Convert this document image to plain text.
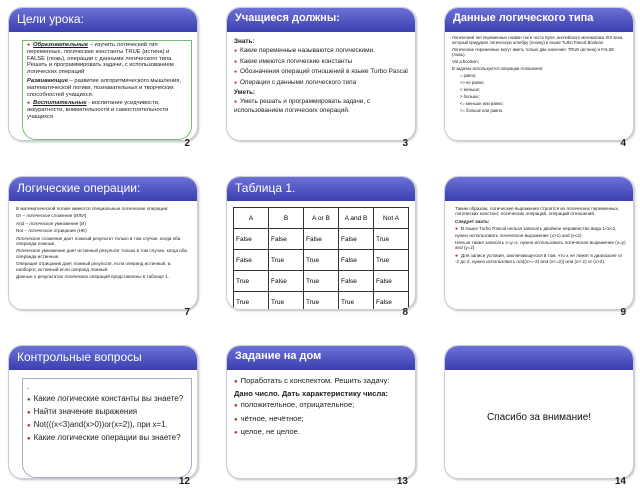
Цели урока:
● Образовательные – изучить логический тип переменных, логические константы TRUE (истина) и FALSE (ложь), операции с данными логического типа. Решать и программировать задачи, с использованием логических операций
Развивающие – развитие алгоритмического мышления, математической логики, познавательных и творческих способностей учащихся.
● Воспитательные - воспитание усидчивости, аккуратности, внимательности и самостоятельности учащихся.
2
Учащиеся должны:
Знать:
● Какие переменные называются логическими.
● Какие имеются логические константы
● Обозначения операций отношений в языке Turbo Pascal
● Операции с данными логического типа
Уметь:
● Уметь решать и программировать задачи, с использованием логических операций.
3
Данные логического типа
Логический тип переменных назван так в честь Буля, английского математика XIX века, который придумал логическую алгебру (логику) в языке Turbo Pascal Boolean.
Логические переменные могут иметь только два значения: TRUE (истина) и FALSE (ложь).
Var a:boolean;
В задачах используются операции отношения:
= равно;
<> не равно;
< меньше;
> больше;
<= меньше или равно;
>= больше или равно.
4
Логические операции:
В математической логике имеются специальные логические операции:
Or – логическое сложение (ИЛИ)
And – логическое умножение (И)
Not – логическое отрицание (НЕ)
Логическое сложение дает ложный результат только в том случае, когда оба операнда ложные.
Логическое умножение дает истинный результат только в том случае, когда оба операнда истинные.
Операция отрицания дает ложный результат, если операнд истинный, и, наоборот, истинный если операнд ложный.
Данные о результатах логических операций представлены в таблице 1.
7
Таблица 1.
A	B	A or B	A and B	Not A
False	False	False	False	True
False	True	True	False	True
True	False	True	False	False
True	True	True	True	False
8
Таким образом, логические выражения строятся из логических переменных, логических констант, логических операций, операций отношений.
Следует знать:
● В языке Turbo Pascal нельзя записать двойное неравенство вида 1<x<2, нужно использовать логическое выражение (x>1) and (x<2)
Нельзя также записать x=y=z, нужно использовать логическое выражение (x=y) and (y=z)
● Для записи условия, заключающегося в том, что x не лежит в диапазоне от -2 до 2, нужно использовать not((x>=-2) and (x<=2)) или (x<-2) or (x>2).
9
Контрольные вопросы
.
● Какие логические константы вы знаете?
● Найти значение выражения
● Not(((x<3)and(x>0))or(x=2)), при x=1.
● Какие логические операции вы знаете?
12
Задание на дом
● Поработать с конспектом. Решить задачу:
Дано число. Дать характеристику числа:
● положительное, отрицательное;
● чётное, нечётное;
● целое, не целое.
13
Спасибо за внимание!
14
